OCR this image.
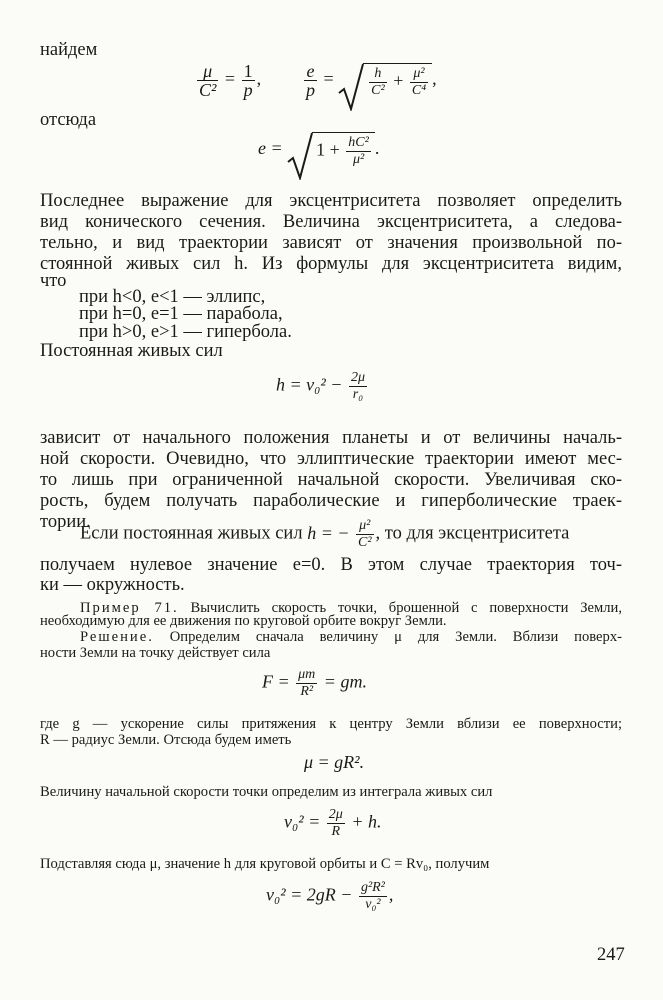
найдем

$\frac{\mu}{\text{C²}} = \frac{1}{p}$ , $\frac{e}{p}$ =	$\frac{h}{\text{C²}} + \frac{\text{μ²}}{\text{C⁴}}$ ,

отсюда

$e = 1 + \frac{\text{hC²}}{\text{μ²}}$ .

Последнее выражение для эксцентриситета позволяет определить

вид конического сечения. Величина эксцентриситета, а следова-

тельно, и вид траектории зависят от значения произвольной по-

стоянной живых сил h. Из формулы для эксцентриситета видим,

что

при h<0, e<1 — эллипс,

при h=0, e=1 — парабола,

при h>0, e>1 — гипербола.

Постоянная живых сил

$h = v_0^2 - \frac{2\mu}{\text{r₀}}$

зависит от начального положения планеты и от величины началь-

ной скорости. Очевидно, что эллиптические траектории имеют мес-

то лишь при ограниченной начальной скорости. Увеличивая ско-

рость, будем получать параболические и гиперболические траек-

тории.

Если постоянная живых сил h = − $\frac{\text{μ²}}{\text{C²}}$ , то для эксцентриситета

получаем нулевое значение e=0. В этом случае траектория точ-

ки — окружность.

Пример 71. Вычислить скорость точки, брошенной с поверхности Земли,

необходимую для ее движения по круговой орбите вокруг Земли.

Решение. Определим сначала величину μ для Земли. Вблизи поверх-

ности Земли на точку действует сила

$F = \frac{\mu m}{\text{R²}}$ = gm.

где g — ускорение силы притяжения к центру Земли вблизи ее поверхности;

R — радиус Земли. Отсюда будем иметь

μ = gR².

Величину начальной скорости точки определим из интеграла живых сил

$v_0^2 = \frac{2\mu}{R} + h$.

Подставляя сюда μ, значение h для круговой орбиты и C = Rv₀, получим

$v_0^2 = 2gR - \frac{\text{g²R²}}{\text{v₀²}}$ ,

247
